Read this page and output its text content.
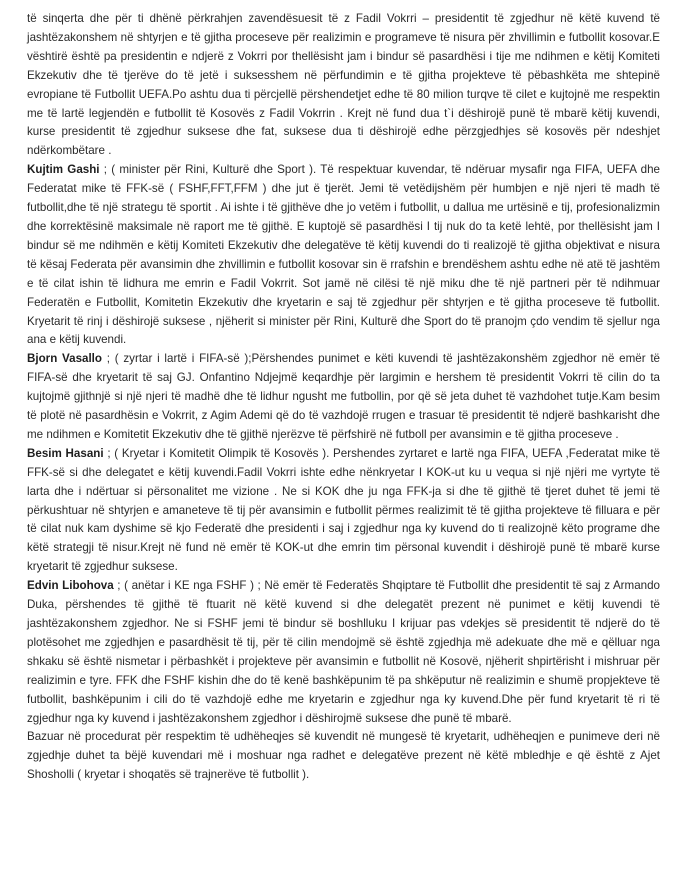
të sinqerta dhe për ti dhënë përkrahjen zavendësuesit të z Fadil Vokrri – presidentit të zgjedhur në këtë kuvend të jashtëzakonshem në shtyrjen e të gjitha proceseve për realizimin e programeve të nisura për zhvillimin e futbollit kosovar.E vështirë është pa presidentin e ndjerë z Vokrri por thellësisht jam i bindur së pasardhësi i tije me ndihmen e këtij Komiteti Ekzekutiv dhe të tjerëve do të jetë i suksesshem në përfundimin e të gjitha projekteve të pëbashkëta me shtepinë evropiane të Futbollit UEFA.Po ashtu dua ti përcjellë përshendetjet edhe të 80 milion turqve të cilet e kujtojnë me respektin me të lartë legjendën e futbollit të Kosovës z Fadil Vokrrin . Krejt në fund dua t`i dëshirojë punë të mbarë këtij kuvendi, kurse presidentit të zgjedhur suksese dhe fat, suksese dua ti dëshirojë edhe përzgjedhjes së kosovës për ndeshjet ndërkombëtare .

Kujtim Gashi ; ( minister për Rini, Kulturë dhe Sport ). Të respektuar kuvendar, të ndëruar mysafir nga FIFA, UEFA dhe Federatat mike të FFK-së ( FSHF,FFT,FFM ) dhe jut ë tjerët. Jemi të vetëdijshëm për humbjen e një njeri të madh të futbollit,dhe të një strategu të sportit . Ai ishte i të gjithëve dhe jo vetëm i futbollit, u dallua me urtësinë e tij, profesionalizmin dhe korrektësinë maksimale në raport me të gjithë. E kuptojë së pasardhësi I tij nuk do ta ketë lehtë, por thellësisht jam I bindur së me ndihmën e këtij Komiteti Ekzekutiv dhe delegatëve të këtij kuvendi do ti realizojë të gjitha objektivat e nisura të kësaj Federata për avansimin dhe zhvillimin e futbollit kosovar sin ë rrafshin e brendëshem ashtu edhe në atë të jashtëm e të cilat ishin të lidhura me emrin e Fadil Vokrrit. Sot jamë në cilësi të një miku dhe të një partneri për të ndihmuar Federatën e Futbollit, Komitetin Ekzekutiv dhe kryetarin e saj të zgjedhur për shtyrjen e të gjitha proceseve të futbollit. Kryetarit të rinj i dëshirojë suksese , njëherit si minister për Rini, Kulturë dhe Sport do të pranojm çdo vendim të sjellur nga ana e këtij kuvendi.

Bjorn Vasallo ; ( zyrtar i lartë i FIFA-së );Përshendes punimet e këti kuvendi të jashtëzakonshëm zgjedhor në emër të FIFA-së dhe kryetarit të saj GJ. Onfantino Ndjejmë keqardhje për largimin e hershem të presidentit Vokrri të cilin do ta kujtojmë gjithnjë si një njeri të madhë dhe të lidhur ngusht me futbollin, por që së jeta duhet të vazhdohet tutje.Kam besim të plotë në pasardhësin e Vokrrit, z Agim Ademi që do të vazhdojë rrugen e trasuar të presidentit të ndjerë bashkarisht dhe me ndihmen e Komitetit Ekzekutiv dhe të gjithë njerëzve të përfshirë në futboll per avansimin e të gjitha proceseve .

Besim Hasani ; ( Kryetar i Komitetit Olimpik të Kosovës ). Pershendes zyrtaret e lartë nga FIFA, UEFA ,Federatat mike të FFK-së si dhe delegatet e këtij kuvendi.Fadil Vokrri ishte edhe nënkryetar I KOK-ut ku u vequa si një njëri me vyrtyte të larta dhe i ndërtuar si përsonalitet me vizione . Ne si KOK dhe ju nga FFK-ja si dhe të gjithë të tjeret duhet të jemi të përkushtuar në shtyrjen e amaneteve të tij për avansimin e futbollit përmes realizimit të të gjitha projekteve të filluara e për të cilat nuk kam dyshime së kjo Federatë dhe presidenti i saj i zgjedhur nga ky kuvend do ti realizojnë këto programe dhe këtë strategji të nisur.Krejt në fund në emër të KOK-ut dhe emrin tim përsonal kuvendit i dëshirojë punë të mbarë kurse kryetarit të zgjedhur suksese.

Edvin Libohova ; ( anëtar i KE nga FSHF ) ; Në emër të Federatës Shqiptare të Futbollit dhe presidentit të saj z Armando Duka, përshendes të gjithë të ftuarit në këtë kuvend si dhe delegatët prezent në punimet e këtij kuvendi të jashtëzakonshem zgjedhor. Ne si FSHF jemi të bindur së boshlluku I krijuar pas vdekjes së presidentit të ndjerë do të plotësohet me zgjedhjen e pasardhësit të tij, për të cilin mendojmë së është zgjedhja më adekuate dhe më e qëlluar nga shkaku së është nismetar i përbashkët i projekteve për avansimin e futbollit në Kosovë, njëherit shpirtërisht i mishruar për realizimin e tyre. FFK dhe FSHF kishin dhe do të kenë bashkëpunim të pa shkëputur në realizimin e shumë propjekteve të futbollit, bashkëpunim i cili do të vazhdojë edhe me kryetarin e zgjedhur nga ky kuvend.Dhe për fund kryetarit të ri të zgjedhur nga ky kuvend i jashtëzakonshem zgjedhor i dëshirojmë suksese dhe punë të mbarë.

Bazuar në procedurat për respektim të udhëheqjes së kuvendit në mungesë të kryetarit, udhëheqjen e punimeve deri në zgjedhje duhet ta bëjë kuvendari më i moshuar nga radhet e delegatëve prezent në këtë mbledhje e që është z Ajet Shosholli ( kryetar i shoqatës së trajnerëve të futbollit ).
